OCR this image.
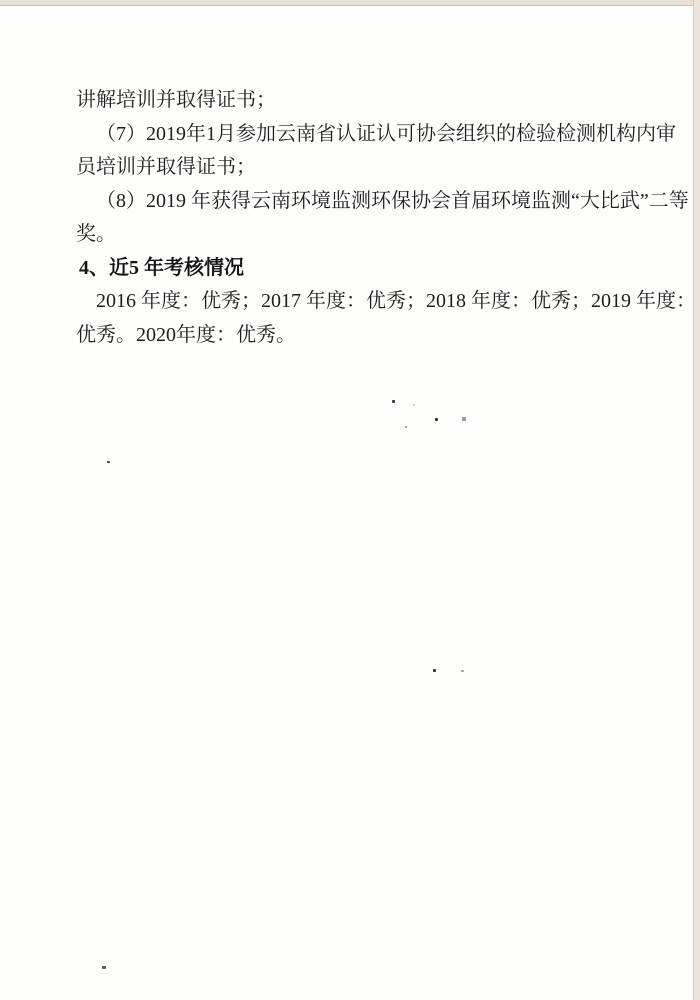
讲解培训并取得证书；
（7）2019年1月参加云南省认证认可协会组织的检验检测机构内审
员培训并取得证书；
（8）2019 年获得云南环境监测环保协会首届环境监测“大比武”二等
奖。
4、近5 年考核情况
2016 年度：优秀；2017 年度：优秀；2018 年度：优秀；2019 年度：
优秀。2020年度：优秀。
